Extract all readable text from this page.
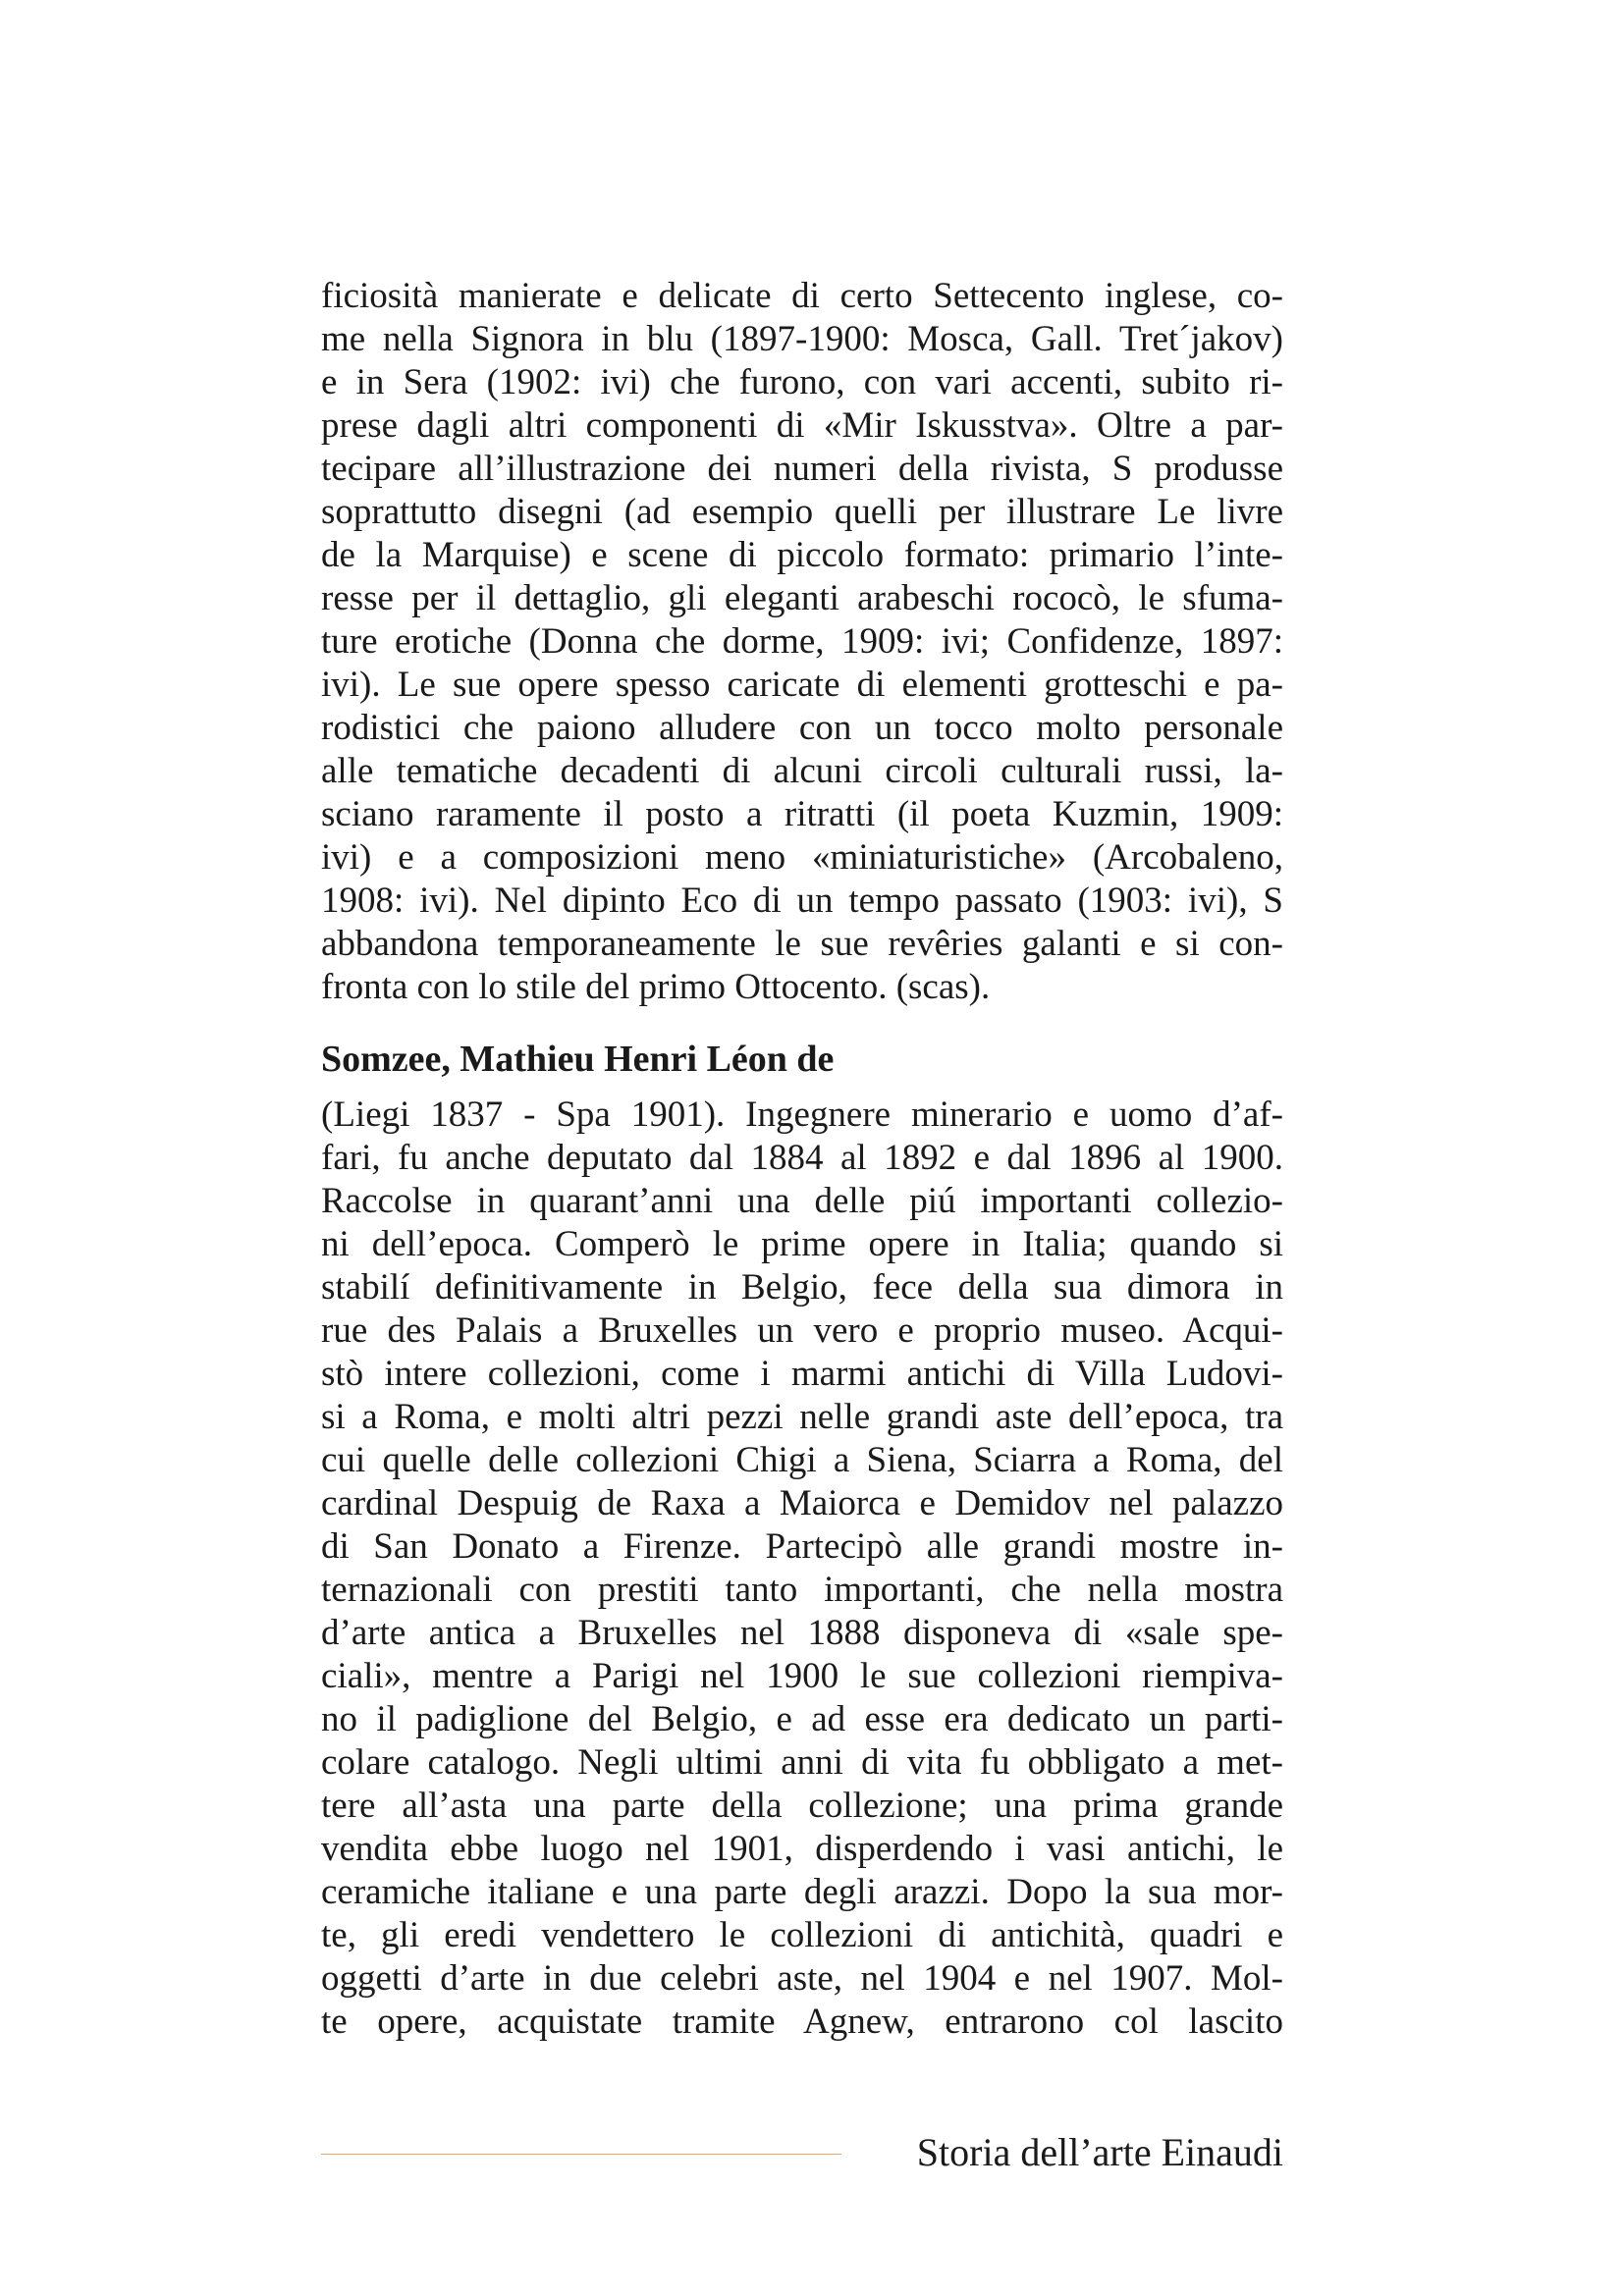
ficiosità manierate e delicate di certo Settecento inglese, co-
me nella Signora in blu (1897-1900: Mosca, Gall. Tret´jakov)
e in Sera (1902: ivi) che furono, con vari accenti, subito ri-
prese dagli altri componenti di «Mir Iskusstva». Oltre a par-
tecipare all’illustrazione dei numeri della rivista, S produsse
soprattutto disegni (ad esempio quelli per illustrare Le livre
de la Marquise) e scene di piccolo formato: primario l’inte-
resse per il dettaglio, gli eleganti arabeschi rococò, le sfuma-
ture erotiche (Donna che dorme, 1909: ivi; Confidenze, 1897:
ivi). Le sue opere spesso caricate di elementi grotteschi e pa-
rodistici che paiono alludere con un tocco molto personale
alle tematiche decadenti di alcuni circoli culturali russi, la-
sciano raramente il posto a ritratti (il poeta Kuzmin, 1909:
ivi) e a composizioni meno «miniaturistiche» (Arcobaleno,
1908: ivi). Nel dipinto Eco di un tempo passato (1903: ivi), S
abbandona temporaneamente le sue revêries galanti e si con-
fronta con lo stile del primo Ottocento. (scas).
Somzee, Mathieu Henri Léon de
(Liegi 1837 - Spa 1901). Ingegnere minerario e uomo d’af-
fari, fu anche deputato dal 1884 al 1892 e dal 1896 al 1900.
Raccolse in quarant’anni una delle piú importanti collezio-
ni dell’epoca. Comperò le prime opere in Italia; quando si
stabilí definitivamente in Belgio, fece della sua dimora in
rue des Palais a Bruxelles un vero e proprio museo. Acqui-
stò intere collezioni, come i marmi antichi di Villa Ludovi-
si a Roma, e molti altri pezzi nelle grandi aste dell’epoca, tra
cui quelle delle collezioni Chigi a Siena, Sciarra a Roma, del
cardinal Despuig de Raxa a Maiorca e Demidov nel palazzo
di San Donato a Firenze. Partecipò alle grandi mostre in-
ternazionali con prestiti tanto importanti, che nella mostra
d’arte antica a Bruxelles nel 1888 disponeva di «sale spe-
ciali», mentre a Parigi nel 1900 le sue collezioni riempiva-
no il padiglione del Belgio, e ad esse era dedicato un parti-
colare catalogo. Negli ultimi anni di vita fu obbligato a met-
tere all’asta una parte della collezione; una prima grande
vendita ebbe luogo nel 1901, disperdendo i vasi antichi, le
ceramiche italiane e una parte degli arazzi. Dopo la sua mor-
te, gli eredi vendettero le collezioni di antichità, quadri e
oggetti d’arte in due celebri aste, nel 1904 e nel 1907. Mol-
te opere, acquistate tramite Agnew, entrarono col lascito
Storia dell’arte Einaudi
